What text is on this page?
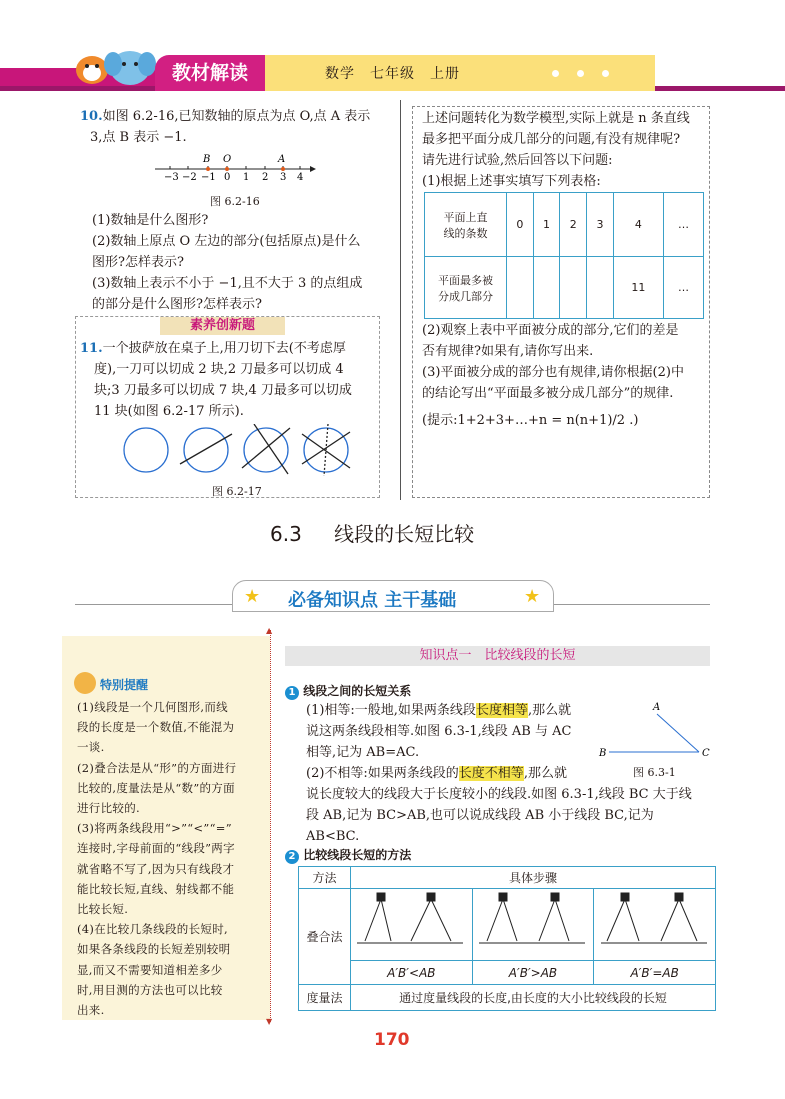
教材解读	数学　七年级　上册
10.如图 6.2-16,已知数轴的原点为点 O,点 A 表示
3,点 B 表示 −1.
B O	A
−3 −2 −1 0 1 2 3 4
图 6.2-16
(1)数轴是什么图形?
(2)数轴上原点 O 左边的部分(包括原点)是什么
图形?怎样表示?
(3)数轴上表示不小于 −1,且不大于 3 的点组成
的部分是什么图形?怎样表示?
素养创新题
11.一个披萨放在桌子上,用刀切下去(不考虑厚
度),一刀可以切成 2 块,2 刀最多可以切成 4
块;3 刀最多可以切成 7 块,4 刀最多可以切成
11 块(如图 6.2-17 所示).
图 6.2-17
上述问题转化为数学模型,实际上就是 n 条直线
最多把平面分成几部分的问题,有没有规律呢?
请先进行试验,然后回答以下问题:
(1)根据上述事实填写下列表格:
平面上直
线的条数	0	1	2	3	4	…
平面最多被
分成几部分					11	…
(2)观察上表中平面被分成的部分,它们的差是
否有规律?如果有,请你写出来.
(3)平面被分成的部分也有规律,请你根据(2)中
的结论写出“平面最多被分成几部分”的规律.
(提示:1+2+3+…+n = n(n+1)/2 .)
6.3 线段的长短比较
★	★
必备知识点 主干基础
▲
▼
特别提醒
(1)线段是一个几何图形,而线
段的长度是一个数值,不能混为
一谈.
(2)叠合法是从“形”的方面进行
比较的,度量法是从“数”的方面
进行比较的.
(3)将两条线段用“>”“<”“=”
连接时,字母前面的“线段”两字
就省略不写了,因为只有线段才
能比较长短,直线、射线都不能
比较长短.
(4)在比较几条线段的长短时,
如果各条线段的长短差别较明
显,而又不需要知道相差多少
时,用目测的方法也可以比较
出来.
知识点一　比较线段的长短
1 线段之间的长短关系
(1)相等:一般地,如果两条线段长度相等,那么就
说这两条线段相等.如图 6.3-1,线段 AB 与 AC
相等,记为 AB=AC.
(2)不相等:如果两条线段的长度不相等,那么就
说长度较大的线段大于长度较小的线段.如图 6.3-1,线段 BC 大于线
段 AB,记为 BC>AB,也可以说成线段 AB 小于线段 BC,记为
AB<BC.
A
B	C
图 6.3-1
2 比较线段长短的方法
方法	具体步骤		
叠合法			
	A′B′<AB	A′B′>AB	A′B′=AB
度量法	通过度量线段的长度,由长度的大小比较线段的长短		
170
